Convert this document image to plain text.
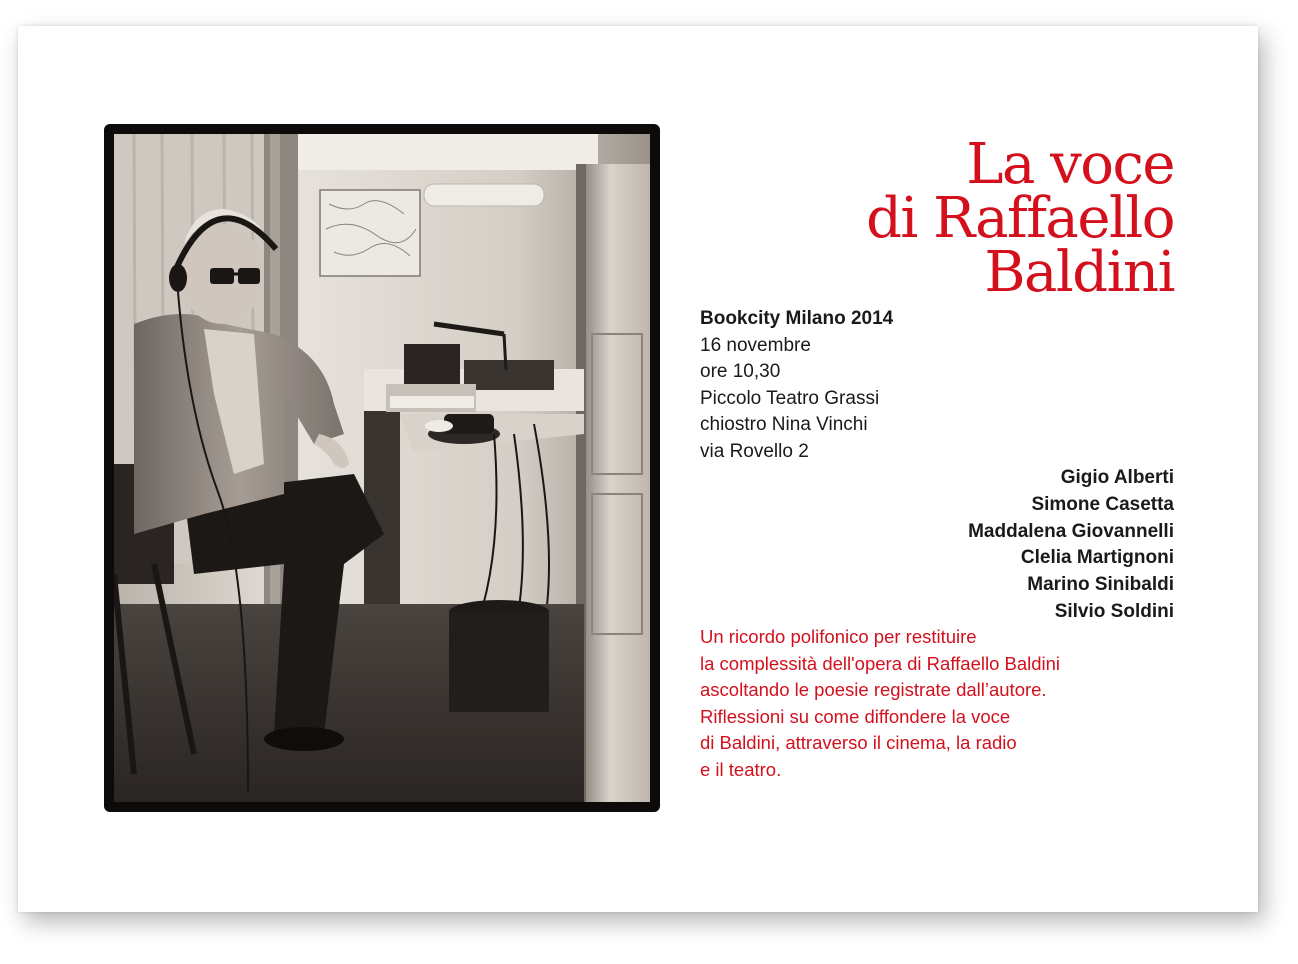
La voce
di Raffaello
Baldini
Bookcity Milano 2014
16 novembre
ore 10,30
Piccolo Teatro Grassi
chiostro Nina Vinchi
via Rovello 2
Gigio Alberti
Simone Casetta
Maddalena Giovannelli
Clelia Martignoni
Marino Sinibaldi
Silvio Soldini
Un ricordo polifonico per restituire
la complessità dell'opera di Raffaello Baldini
ascoltando le poesie registrate dall’autore.
Riflessioni su come diffondere la voce
di Baldini, attraverso il cinema, la radio
e il teatro.
